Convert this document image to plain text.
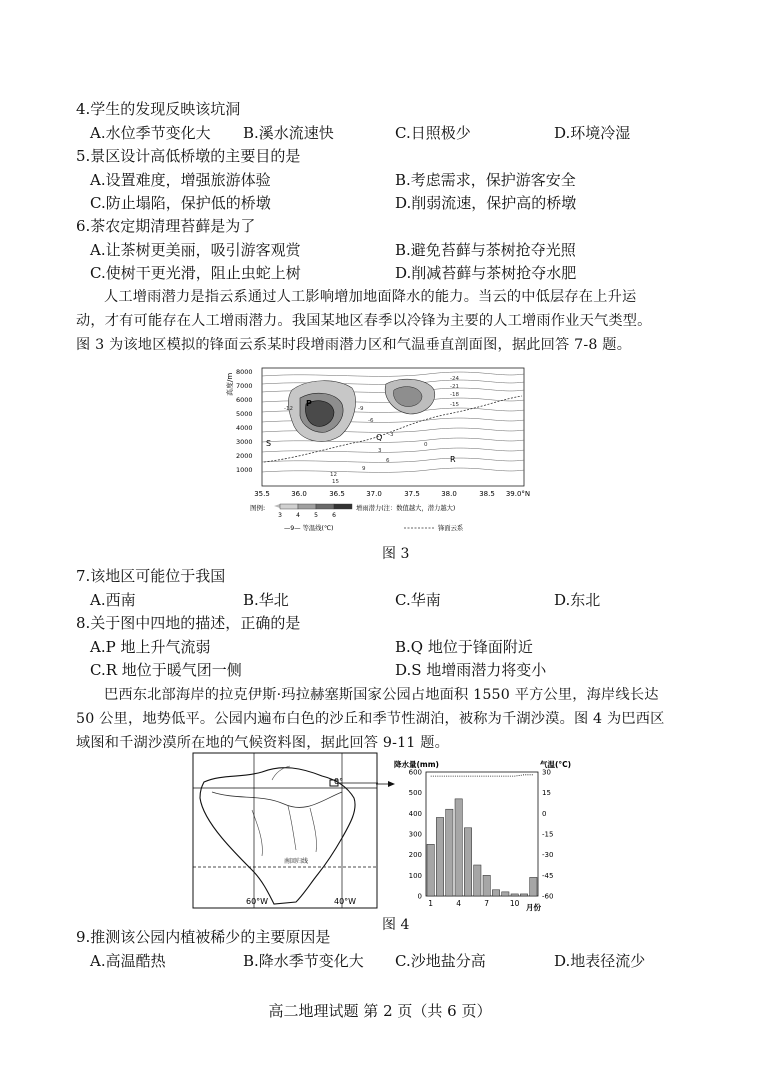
4.学生的发现反映该坑洞
A.水位季节变化大 B.溪水流速快	C.日照极少	D.环境冷湿
5.景区设计高低桥墩的主要目的是
A.设置难度，增强旅游体验	B.考虑需求，保护游客安全
C.防止塌陷，保护低的桥墩	D.削弱流速，保护高的桥墩
6.茶农定期清理苔藓是为了
A.让茶树更美丽，吸引游客观赏	B.避免苔藓与茶树抢夺光照
C.使树干更光滑，阻止虫蛇上树	D.削减苔藓与茶树抢夺水肥
人工增雨潜力是指云系通过人工影响增加地面降水的能力。当云的中低层存在上升运
动，才有可能存在人工增雨潜力。我国某地区春季以冷锋为主要的人工增雨作业天气类型。
图 3 为该地区模拟的锋面云系某时段增雨潜力区和气温垂直剖面图，据此回答 7-8 题。
高度/m
8000
7000
6000
5000
4000
3000
2000
1000
P
Q
R
S
-24
-21
-18
-15
-12	-9
-6
-3
0
3
6
9
12
15
35.5	36.0	36.5	37.0	37.5	38.0	38.5 39.0°N
图例:
3 4 5 6
增雨潜力(注：数值越大，潜力越大)
—9— 等温线(℃)	锋面云系
图 3
7.该地区可能位于我国
A.西南	B.华北	C.华南	D.东北
8.关于图中四地的描述，正确的是
A.P 地上升气流弱	B.Q 地位于锋面附近
C.R 地位于暖气团一侧	D.S 地增雨潜力将变小
巴西东北部海岸的拉克伊斯·玛拉赫塞斯国家公园占地面积 1550 平方公里，海岸线长达
50 公里，地势低平。公园内遍布白色的沙丘和季节性湖泊，被称为千湖沙漠。图 4 为巴西区
域图和千湖沙漠所在地的气候资料图，据此回答 9-11 题。
0°
南回归线
60°W	40°W
降水量(mm)	气温(°C)
600
500
400
300
200
100
0
30
15
0
-15
-30
-45
-60
1	4	7	10 月份
图 4
9.推测该公园内植被稀少的主要原因是
A.高温酷热	B.降水季节变化大 C.沙地盐分高	D.地表径流少
高二地理试题 第 2 页（共 6 页）
